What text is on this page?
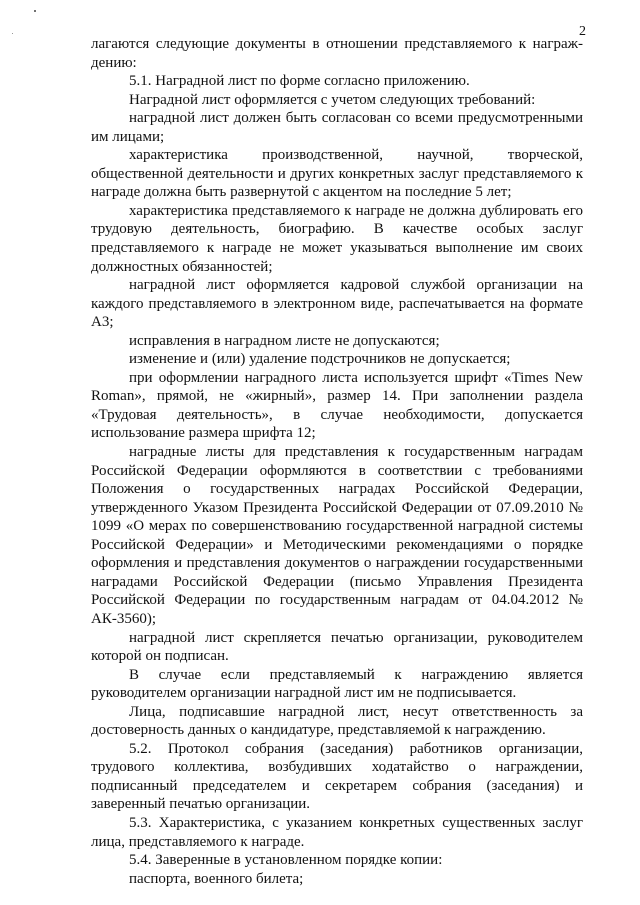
2

лагаются следующие документы в отношении представляемого к награждению:

5.1. Наградной лист по форме согласно приложению.

Наградной лист оформляется с учетом следующих требований:

наградной лист должен быть согласован со всеми предусмотренными им лицами;

характеристика производственной, научной, творческой, общественной деятельности и других конкретных заслуг представляемого к награде должна быть развернутой с акцентом на последние 5 лет;

характеристика представляемого к награде не должна дублировать его трудовую деятельность, биографию. В качестве особых заслуг представляемого к награде не может указываться выполнение им своих должностных обязанностей;

наградной лист оформляется кадровой службой организации на каждого представляемого в электронном виде, распечатывается на формате А3;

исправления в наградном листе не допускаются;

изменение и (или) удаление подстрочников не допускается;

при оформлении наградного листа используется шрифт «Times New Roman», прямой, не «жирный», размер 14. При заполнении раздела «Трудовая деятельность», в случае необходимости, допускается использование размера шрифта 12;

наградные листы для представления к государственным наградам Российской Федерации оформляются в соответствии с требованиями Положения о государственных наградах Российской Федерации, утвержденного Указом Президента Российской Федерации от 07.09.2010 № 1099 «О мерах по совершенствованию государственной наградной системы Российской Федерации» и Методическими рекомендациями о порядке оформления и представления документов о награждении государственными наградами Российской Федерации (письмо Управления Президента Российской Федерации по государственным наградам от 04.04.2012 № АК-3560);

наградной лист скрепляется печатью организации, руководителем которой он подписан.

В случае если представляемый к награждению является руководителем организации наградной лист им не подписывается.

Лица, подписавшие наградной лист, несут ответственность за достоверность данных о кандидатуре, представляемой к награждению.

5.2. Протокол собрания (заседания) работников организации, трудового коллектива, возбудивших ходатайство о награждении, подписанный председателем и секретарем собрания (заседания) и заверенный печатью организации.

5.3. Характеристика, с указанием конкретных существенных заслуг лица, представляемого к награде.

5.4. Заверенные в установленном порядке копии:

паспорта, военного билета;
